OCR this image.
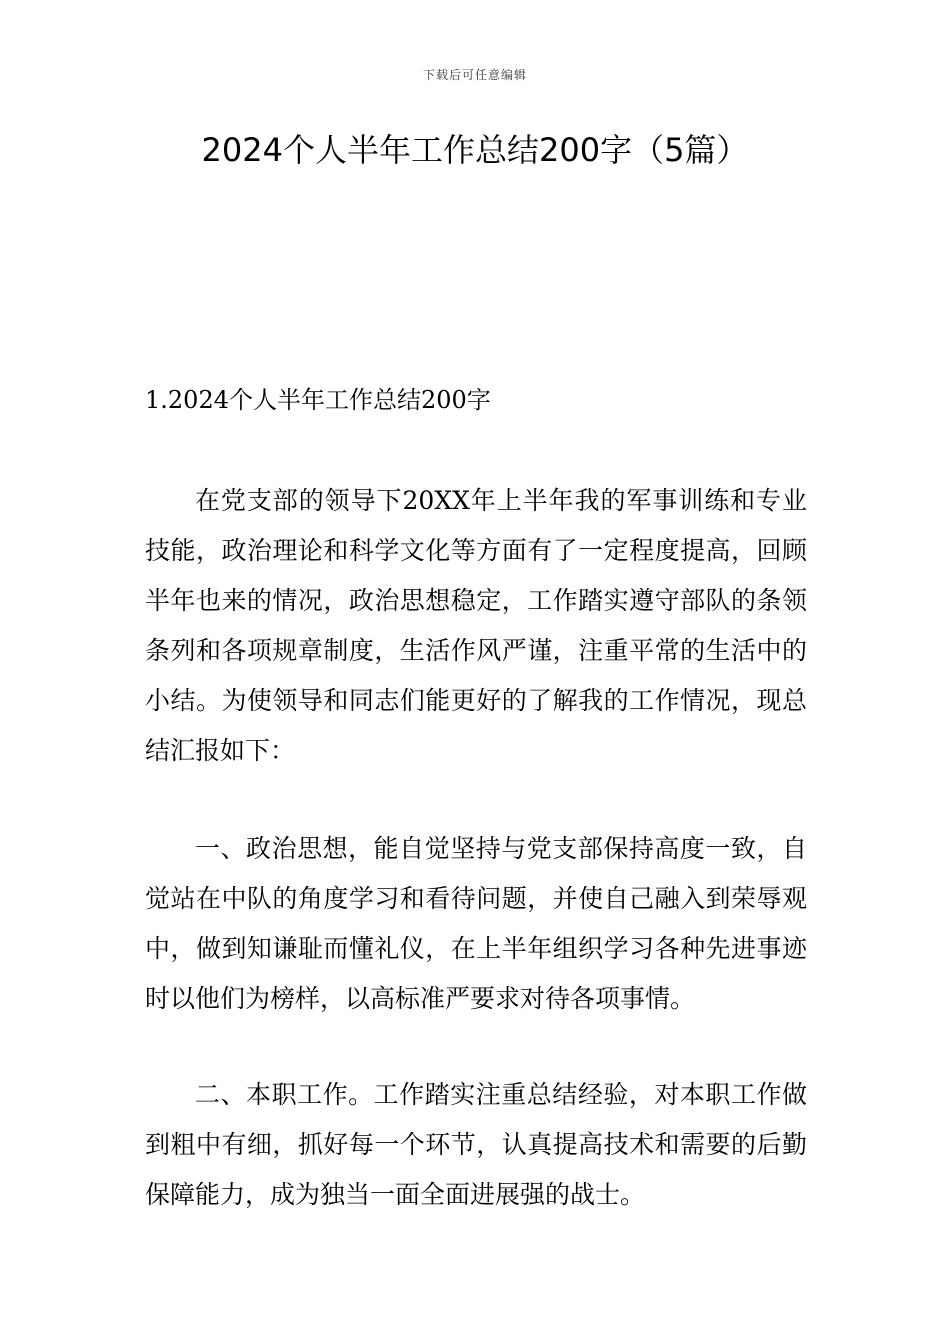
下载后可任意编辑
2024个人半年工作总结200字（5篇）
1.2024个人半年工作总结200字

在党支部的领导下20XX年上半年我的军事训练和专业技能，政治理论和科学文化等方面有了一定程度提高，回顾半年也来的情况，政治思想稳定，工作踏实遵守部队的条领条列和各项规章制度，生活作风严谨，注重平常的生活中的小结。为使领导和同志们能更好的了解我的工作情况，现总结汇报如下：

一、政治思想，能自觉坚持与党支部保持高度一致，自觉站在中队的角度学习和看待问题，并使自己融入到荣辱观中，做到知谦耻而懂礼仪，在上半年组织学习各种先进事迹时以他们为榜样，以高标准严要求对待各项事情。

二、本职工作。工作踏实注重总结经验，对本职工作做到粗中有细，抓好每一个环节，认真提高技术和需要的后勤保障能力，成为独当一面全面进展强的战士。
